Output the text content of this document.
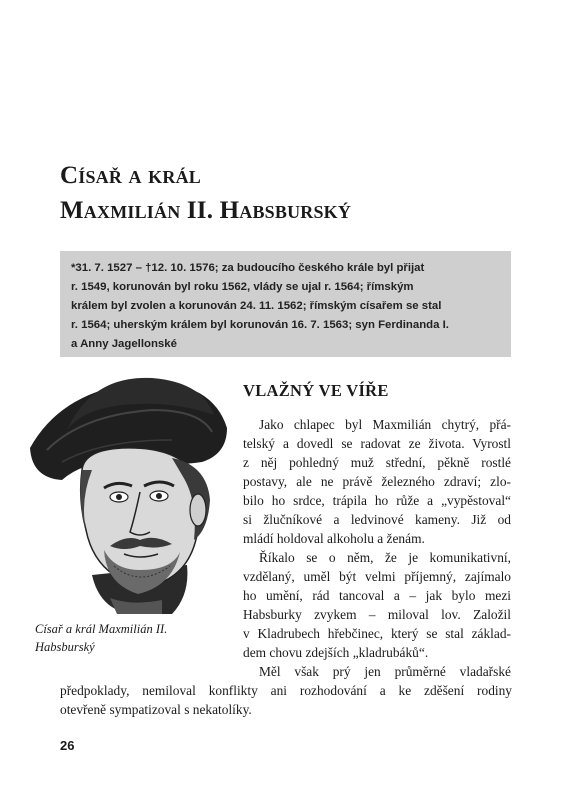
Císař a král
Maxmilián II. Habsburský
*31. 7. 1527 – †12. 10. 1576; za budoucího českého krále byl přijat
r. 1549, korunován byl roku 1562, vlády se ujal r. 1564; římským
králem byl zvolen a korunován 24. 11. 1562; římským císařem se stal
r. 1564; uherským králem byl korunován 16. 7. 1563; syn Ferdinanda I.
a Anny Jagellonské
Císař a král Maxmilián II.
Habsburský
VLAŽNÝ VE VÍŘE
Jako chlapec byl Maxmilián chytrý, přá-
telský a dovedl se radovat ze života. Vyrostl
z něj pohledný muž střední, pěkně rostlé
postavy, ale ne právě železného zdraví; zlo-
bilo ho srdce, trápila ho růže a „vypěstoval“
si žlučníkové a ledvinové kameny. Již od
mládí holdoval alkoholu a ženám.
Říkalo se o něm, že je komunikativní,
vzdělaný, uměl být velmi příjemný, zajímalo
ho umění, rád tancoval a – jak bylo mezi
Habsburky zvykem – miloval lov. Založil
v Kladrubech hřebčinec, který se stal základ-
dem chovu zdejších „kladrubáků“.
Měl však prý jen průměrné vladařské
předpoklady, nemiloval konflikty ani rozhodování a ke zděšení rodiny
otevřeně sympatizoval s nekatolíky.
26
